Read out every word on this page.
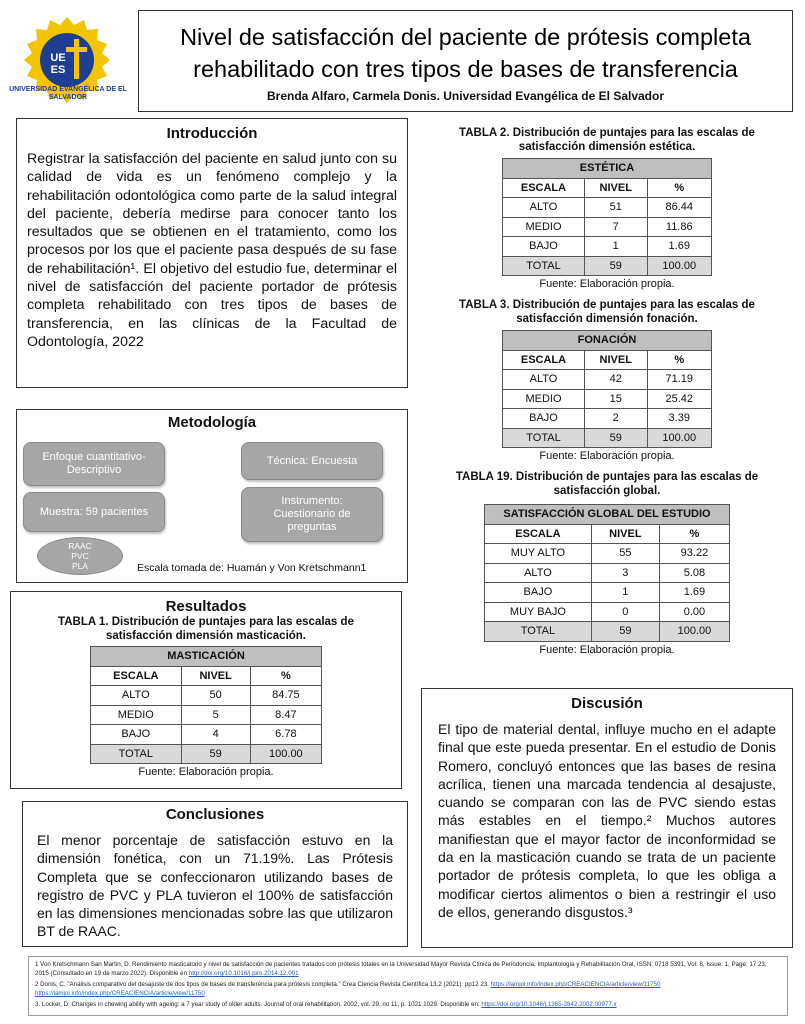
UE
ES
UNIVERSIDAD EVANGÉLICA DE EL SALVADOR
Nivel de satisfacción del paciente de prótesis completa
rehabilitado con tres tipos de bases de transferencia
Brenda Alfaro, Carmela Donis. Universidad Evangélica de El Salvador
Introducción
Registrar la satisfacción del paciente en salud junto con su calidad de vida es un fenómeno complejo y la rehabilitación odontológica como parte de la salud integral del paciente, debería medirse para conocer tanto los resultados que se obtienen en el tratamiento, como los procesos por los que el paciente pasa después de su fase de rehabilitación¹. El objetivo del estudio fue, determinar el nivel de satisfacción del paciente portador de prótesis completa rehabilitado con tres tipos de bases de transferencia, en las clínicas de la Facultad de Odontología, 2022
Metodología
Enfoque cuantitativo-Descriptivo
Técnica: Encuesta
Muestra: 59 pacientes
Instrumento: Cuestionario de preguntas
RAAC
PVC
PLA	Escala tomada de: Huamán y Von Kretschmann1
Resultados
TABLA 1. Distribución de puntajes para las escalas de satisfacción dimensión masticación.
MASTICACIÓN		
ESCALA	NIVEL	%
ALTO	50	84.75
MEDIO	5	8.47
BAJO	4	6.78
TOTAL	59	100.00
Fuente: Elaboración propia.
Conclusiones
El menor porcentaje de satisfacción estuvo en la dimensión fonética, con un 71.19%. Las Prótesis Completa que se confeccionaron utilizando bases de registro de PVC y PLA tuvieron el 100% de satisfacción en las dimensiones mencionadas sobre las que utilizaron BT de RAAC.
TABLA 2. Distribución de puntajes para las escalas de satisfacción dimensión estética.
ESTÉTICA		
ESCALA	NIVEL	%
ALTO	51	86.44
MEDIO	7	11.86
BAJO	1	1.69
TOTAL	59	100.00
Fuente: Elaboración propia.
TABLA 3. Distribución de puntajes para las escalas de satisfacción dimensión fonación.
FONACIÓN		
ESCALA	NIVEL	%
ALTO	42	71.19
MEDIO	15	25.42
BAJO	2	3.39
TOTAL	59	100.00
Fuente: Elaboración propia.
TABLA 19. Distribución de puntajes para las escalas de satisfacción global.
SATISFACCIÓN GLOBAL DEL ESTUDIO		
ESCALA	NIVEL	%
MUY ALTO	55	93.22
ALTO	3	5.08
BAJO	1	1.69
MUY BAJO	0	0.00
TOTAL	59	100.00
Fuente: Elaboración propia.
Discusión
El tipo de material dental, influye mucho en el adapte final que este pueda presentar. En el estudio de Donis Romero, concluyó entonces que las bases de resina acrílica, tienen una marcada tendencia al desajuste, cuando se comparan con las de PVC siendo estas más estables en el tiempo.² Muchos autores manifiestan que el mayor factor de inconformidad se da en la masticación cuando se trata de un paciente portador de prótesis completa, lo que les obliga a modificar ciertos alimentos o bien a restringir el uso de ellos, generando disgustos.³
1 Von Kretschmann San Martin, D. Rendimiento masticatorio y nivel de satisfacción de pacientes tratados con prótesis totales en la Universidad Mayor Revista Clínica de Periodoncia, Implantología y Rehabilitación Oral, ISSN: 0718 5391, Vol: 8, Issue: 1, Page: 17 23, 2015 (Consultado en 19 de marzo 2022). Disponible en http://doi.org/10.1016/j.piro.2014.12.001
2 Donis, C. "Análisis comparativo del desajuste de dos tipos de bases de transferencia para prótesis completa." Crea Ciencia Revista Científica 13.2 (2021): pp12 23. https://lamjol.info/index.php/CREACIENCIA/article/view/11750
https://lamjol.info/index.php/CREACIENCIA/article/view/11750
3. Locker, D. Changes in chewing ability with ageing: a 7 year study of older adults. Journal of oral rehabilitation, 2002, vol. 29, no 11, p. 1021 1029. Disponible en: https://doi.org/10.1046/j.1365-2842.2002.00977.x
